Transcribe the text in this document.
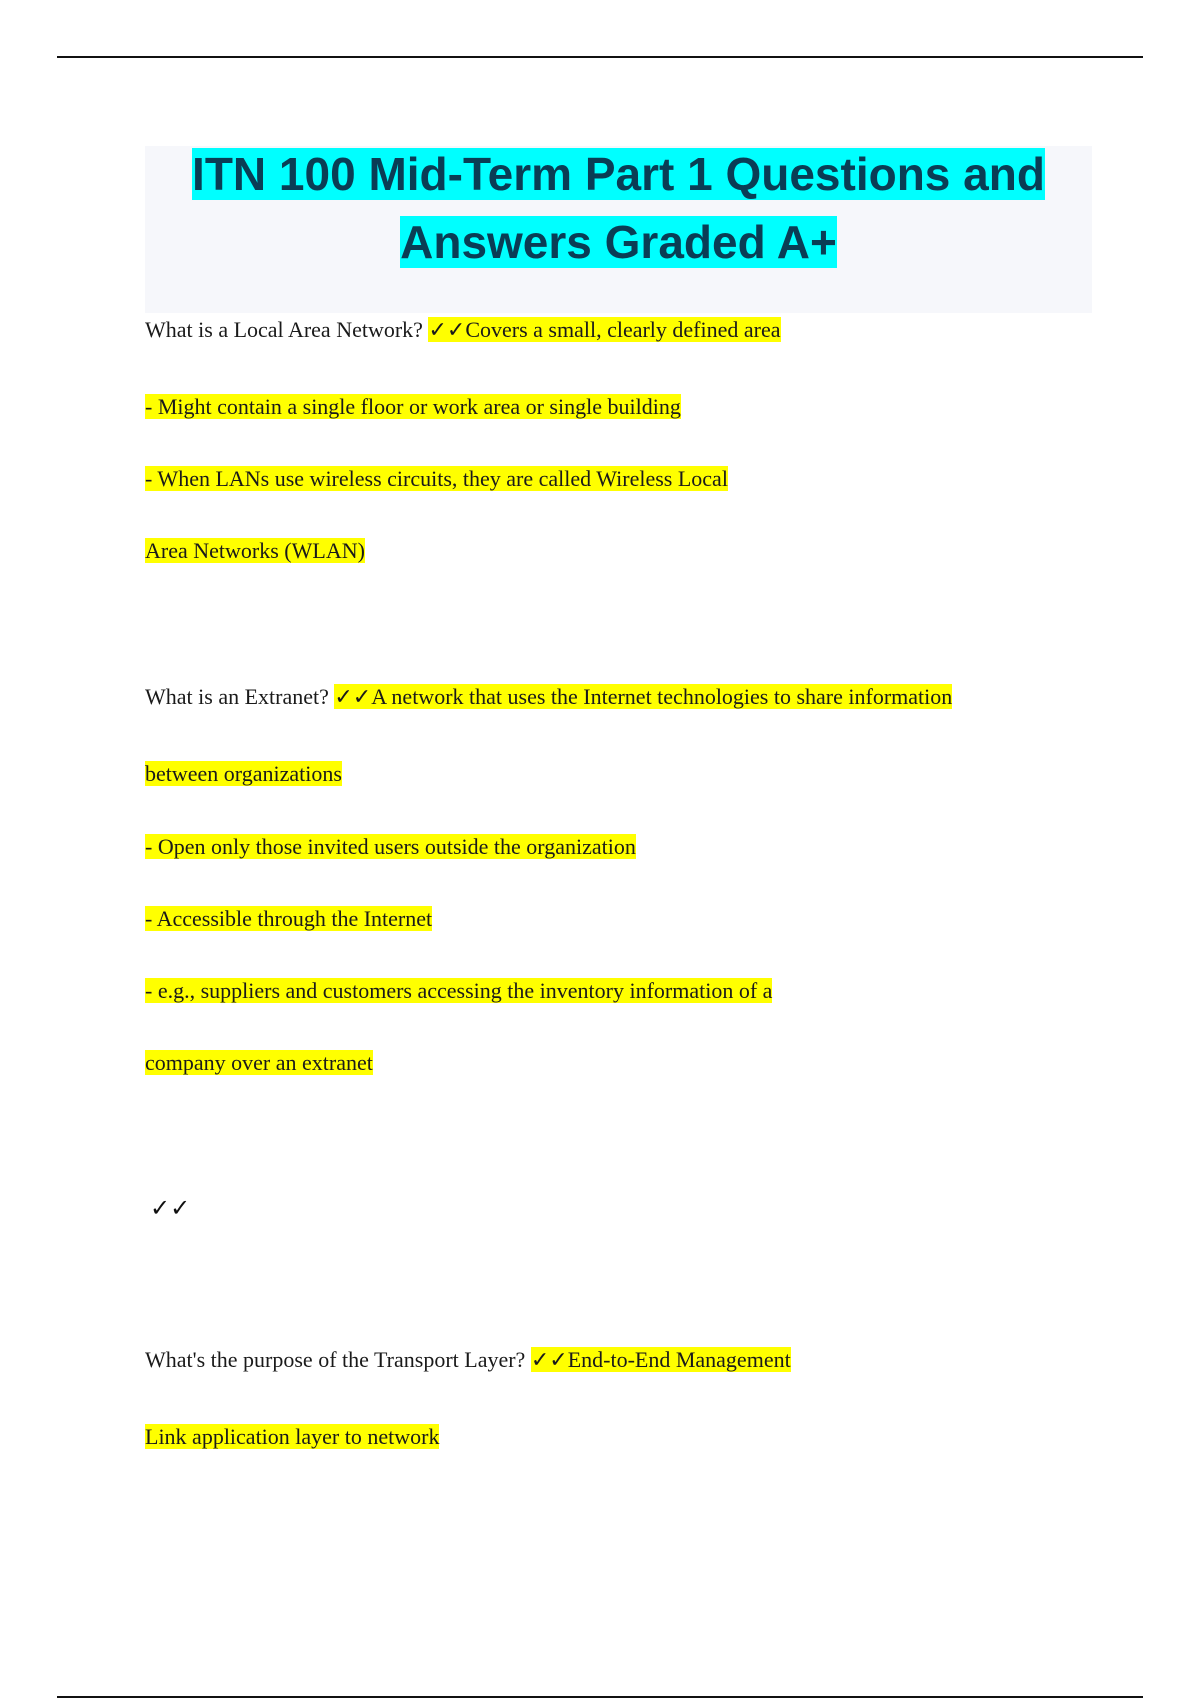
ITN 100 Mid-Term Part 1 Questions and
Answers Graded A+
What is a Local Area Network? ✓✓Covers a small, clearly defined area
- Might contain a single floor or work area or single building
- When LANs use wireless circuits, they are called Wireless Local
Area Networks (WLAN)
What is an Extranet? ✓✓A network that uses the Internet technologies to share information
between organizations
- Open only those invited users outside the organization
- Accessible through the Internet
- e.g., suppliers and customers accessing the inventory information of a
company over an extranet
✓✓
What's the purpose of the Transport Layer? ✓✓End-to-End Management
Link application layer to network
